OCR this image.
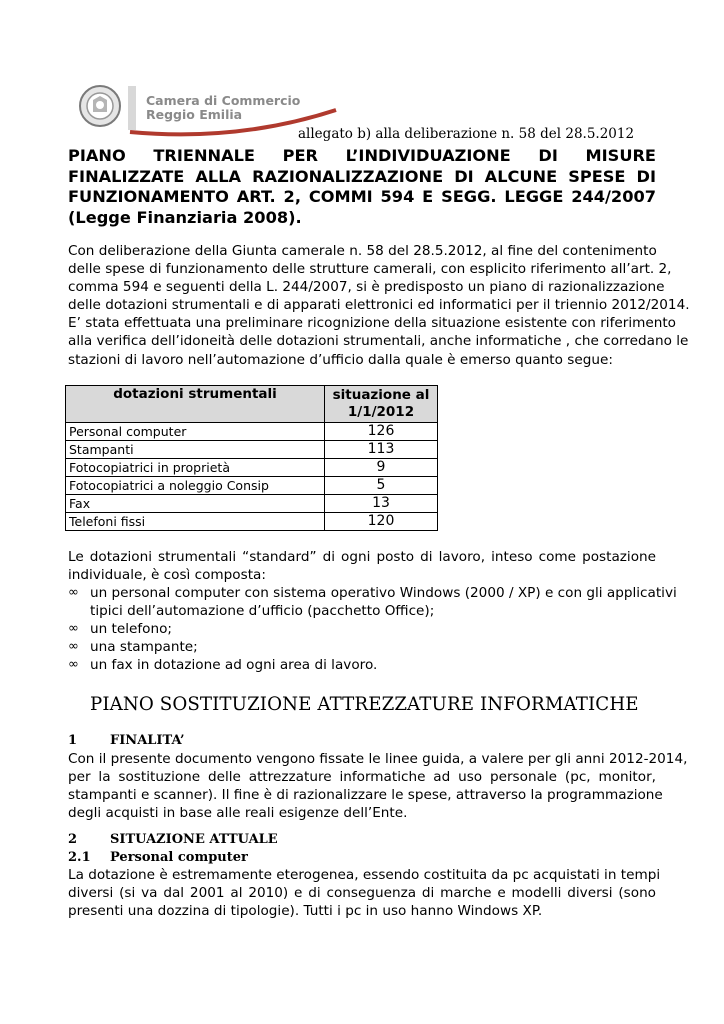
Camera di Commercio
Reggio Emilia
allegato b) alla deliberazione n. 58 del 28.5.2012
PIANO TRIENNALE PER L’INDIVIDUAZIONE DI MISURE
FINALIZZATE ALLA RAZIONALIZZAZIONE DI ALCUNE SPESE DI
FUNZIONAMENTO ART. 2, COMMI 594 E SEGG. LEGGE 244/2007
(Legge Finanziaria 2008).
Con deliberazione della Giunta camerale n. 58 del 28.5.2012, al fine del contenimento
delle spese di funzionamento delle strutture camerali, con esplicito riferimento all’art. 2,
comma 594 e seguenti della L. 244/2007, si è predisposto un piano di razionalizzazione
delle dotazioni strumentali e di apparati elettronici ed informatici per il triennio 2012/2014.
E’ stata effettuata una preliminare ricognizione della situazione esistente con riferimento
alla verifica dell’idoneità delle dotazioni strumentali, anche informatiche , che corredano le
stazioni di lavoro nell’automazione d’ufficio dalla quale è emerso quanto segue:
dotazioni strumentali	situazione al
1/1/2012

Personal computer	126
Stampanti	113
Fotocopiatrici in proprietà	9
Fotocopiatrici a noleggio Consip	5
Fax	13
Telefoni fissi	120
Le dotazioni strumentali “standard” di ogni posto di lavoro, inteso come postazione
individuale, è così composta:
∞ un personal computer con sistema operativo Windows (2000 / XP) e con gli applicativi
tipici dell’automazione d’ufficio (pacchetto Office);
∞ un telefono;
∞ una stampante;
∞ un fax in dotazione ad ogni area di lavoro.
PIANO SOSTITUZIONE ATTREZZATURE INFORMATICHE
1	FINALITA’
Con il presente documento vengono fissate le linee guida, a valere per gli anni 2012-2014,
per la sostituzione delle attrezzature informatiche ad uso personale (pc, monitor,
stampanti e scanner). Il fine è di razionalizzare le spese, attraverso la programmazione
degli acquisti in base alle reali esigenze dell’Ente.
2	SITUAZIONE ATTUALE
2.1 Personal computer
La dotazione è estremamente eterogenea, essendo costituita da pc acquistati in tempi
diversi (si va dal 2001 al 2010) e di conseguenza di marche e modelli diversi (sono
presenti una dozzina di tipologie). Tutti i pc in uso hanno Windows XP.
